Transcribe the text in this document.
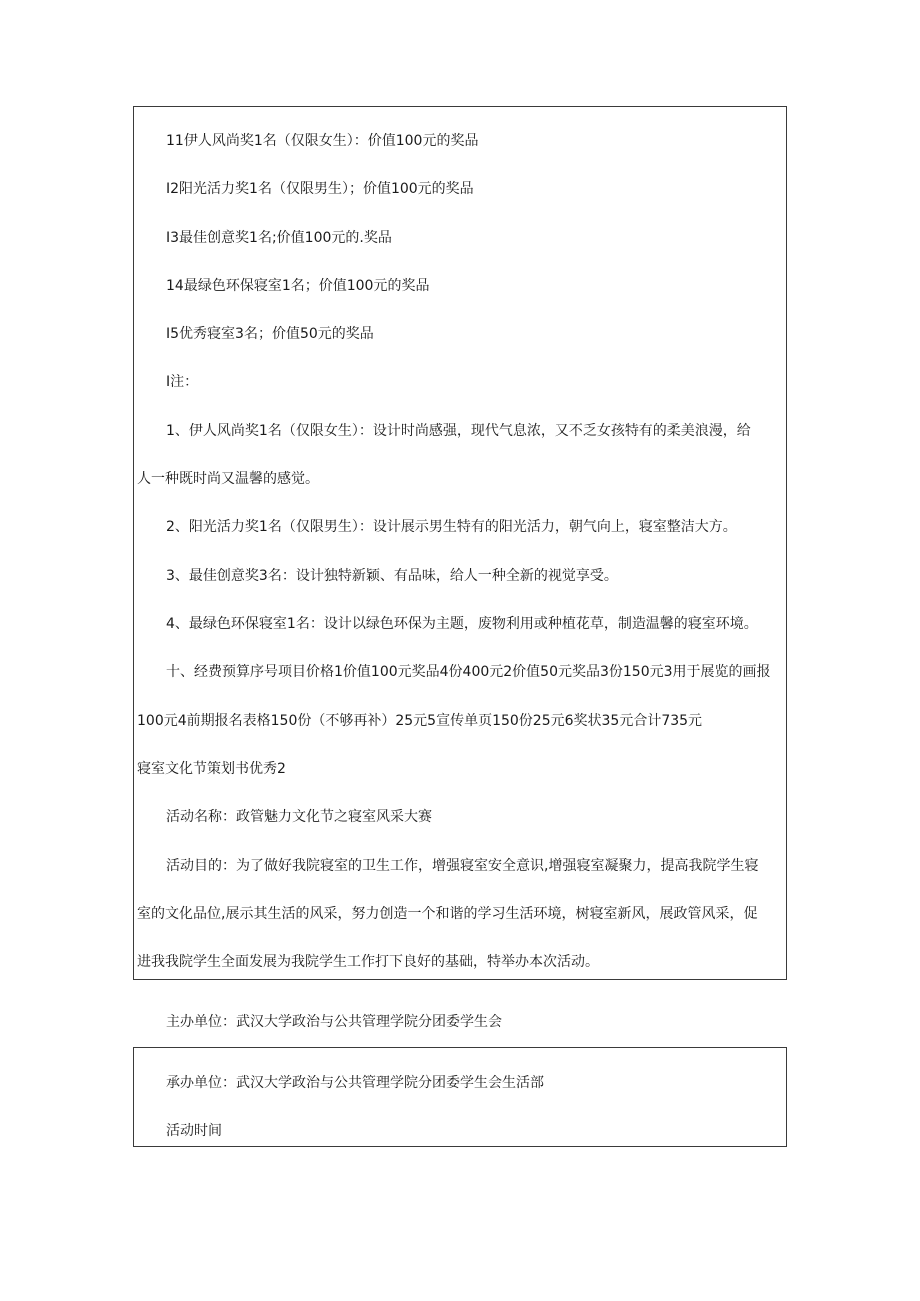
11伊人风尚奖1名（仅限女生）：价值100元的奖品
I2阳光活力奖1名（仅限男生）；价值100元的奖品
I3最佳创意奖1名;价值100元的.奖品
14最绿色环保寝室1名；价值100元的奖品
I5优秀寝室3名；价值50元的奖品
I注：
1、伊人风尚奖1名（仅限女生）：设计时尚感强，现代气息浓，又不乏女孩特有的柔美浪漫，给
人一种既时尚又温馨的感觉。
2、阳光活力奖1名（仅限男生）：设计展示男生特有的阳光活力，朝气向上，寝室整洁大方。
3、最佳创意奖3名：设计独特新颖、有品味，给人一种全新的视觉享受。
4、最绿色环保寝室1名：设计以绿色环保为主题，废物利用或种植花草，制造温馨的寝室环境。
十、经费预算序号项目价格1价值100元奖品4份400元2价值50元奖品3份150元3用于展览的画报
100元4前期报名表格150份（不够再补）25元5宣传单页150份25元6奖状35元合计735元
寝室文化节策划书优秀2
活动名称：政管魅力文化节之寝室风采大赛
活动目的：为了做好我院寝室的卫生工作，增强寝室安全意识,增强寝室凝聚力，提高我院学生寝
室的文化品位,展示其生活的风采，努力创造一个和谐的学习生活环境，树寝室新风，展政管风采，促
进我我院学生全面发展为我院学生工作打下良好的基础，特举办本次活动。
主办单位：武汉大学政治与公共管理学院分团委学生会
承办单位：武汉大学政治与公共管理学院分团委学生会生活部
活动时间
